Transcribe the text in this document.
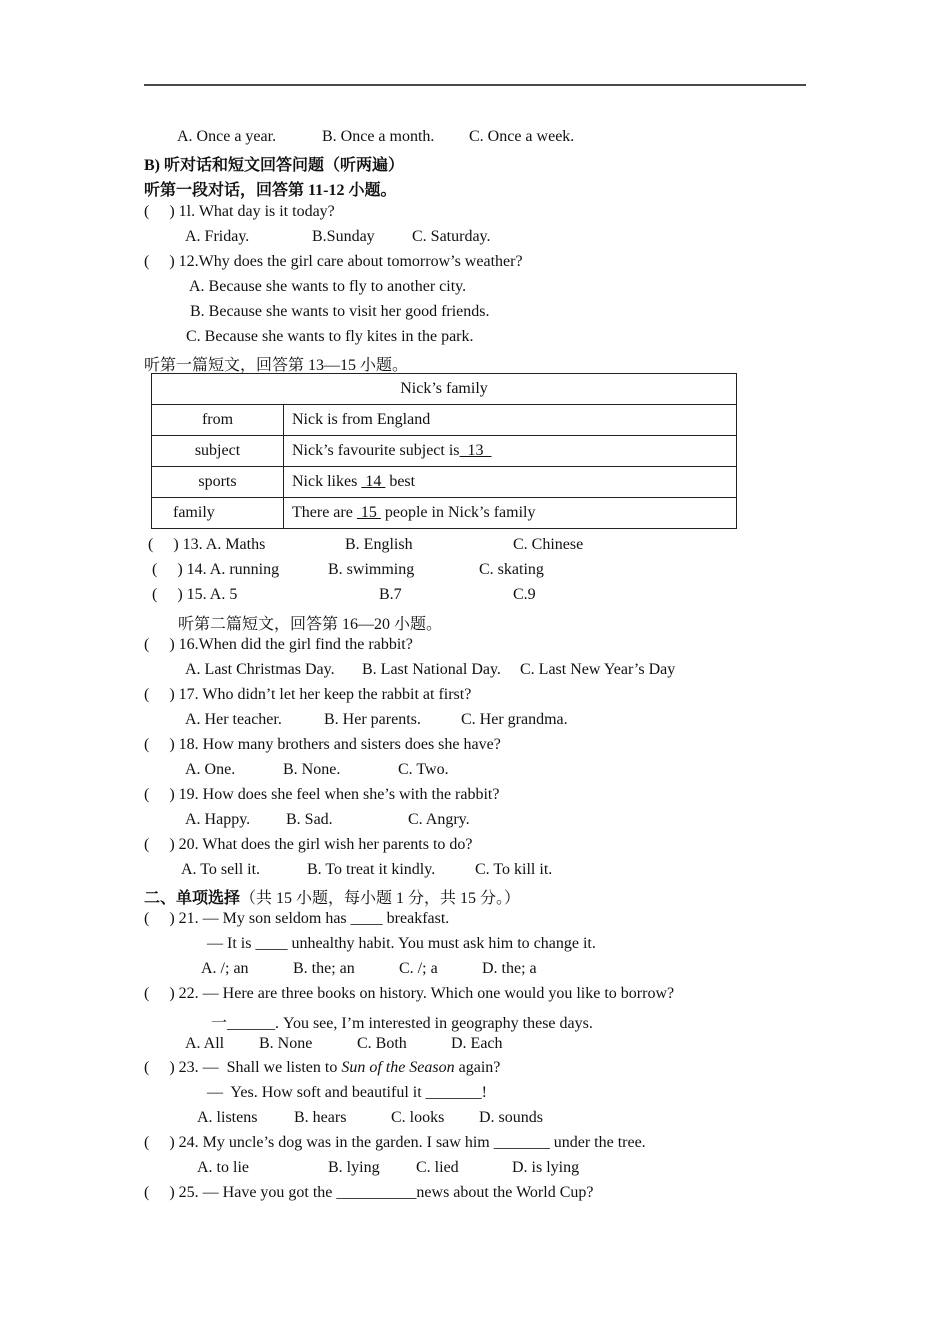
A. Once a year.	B. Once a month. C. Once a week.
B) 听对话和短文回答问题（听两遍）
听第一段对话，回答第 11-12 小题。
(     ) 1l. What day is it today?
A. Friday.	B.Sunday C. Saturday.
(     ) 12.Why does the girl care about tomorrow’s weather?
A. Because she wants to fly to another city.
B. Because she wants to visit her good friends.
C. Because she wants to fly kites in the park.
听第一篇短文，回答第 13—15 小题。
Nick’s family	
from	Nick is from England
subject	Nick’s favourite subject is  13
sports	Nick likes  14  best
family	There are  15  people in Nick’s family
(     ) 13. A. Maths	B. English	C. Chinese
(     ) 14. A. running	B. swimming	C. skating
(     ) 15. A. 5	B.7	C.9
听第二篇短文，回答第 16—20 小题。
(     ) 16.When did the girl find the rabbit?
A. Last Christmas Day. B. Last National Day. C. Last New Year’s Day
(     ) 17. Who didn’t let her keep the rabbit at first?
A. Her teacher.	B. Her parents.	C. Her grandma.
(     ) 18. How many brothers and sisters does she have?
A. One.	B. None.	C. Two.
(     ) 19. How does she feel when she’s with the rabbit?
A. Happy. B. Sad.	C. Angry.
(     ) 20. What does the girl wish her parents to do?
A. To sell it.	B. To treat it kindly. C. To kill it.
二、单项选择（共 15 小题，每小题 1 分，共 15 分。）
(     ) 21. — My son seldom has ____ breakfast.
— It is ____ unhealthy habit. You must ask him to change it.
A. /; an	B. the; an	C. /; a	D. the; a
(     ) 22. — Here are three books on history. Which one would you like to borrow?
一______. You see, I’m interested in geography these days.
A. All B. None	C. Both	D. Each
(     ) 23. —  Shall we listen to Sun of the Season again?
—  Yes. How soft and beautiful it _______!
A. listens B. hears	C. looks D. sounds
(     ) 24. My uncle’s dog was in the garden. I saw him _______ under the tree.
A. to lie	B. lying C. lied	D. is lying
(     ) 25. — Have you got the __________news about the World Cup?
